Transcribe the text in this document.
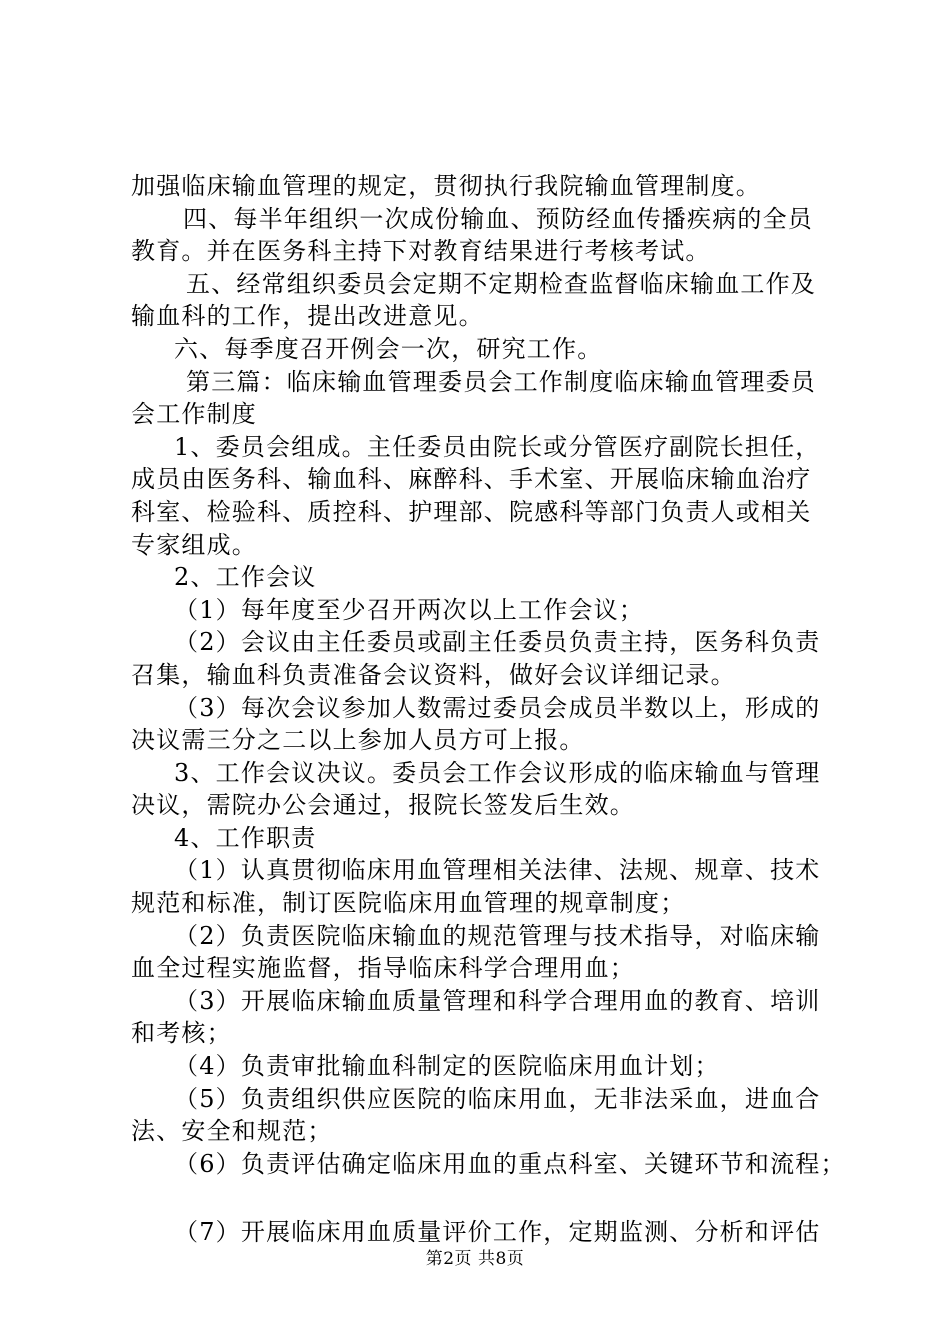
加强临床输血管理的规定，贯彻执行我院输血管理制度。

四、每半年组织一次成份输血、预防经血传播疾病的全员

教育。并在医务科主持下对教育结果进行考核考试。

五、经常组织委员会定期不定期检查监督临床输血工作及

输血科的工作，提出改进意见。

六、每季度召开例会一次，研究工作。

第三篇：临床输血管理委员会工作制度临床输血管理委员

会工作制度

1、委员会组成。主任委员由院长或分管医疗副院长担任，

成员由医务科、输血科、麻醉科、手术室、开展临床输血治疗

科室、检验科、质控科、护理部、院感科等部门负责人或相关

专家组成。

2、工作会议

（1）每年度至少召开两次以上工作会议；

（2）会议由主任委员或副主任委员负责主持，医务科负责

召集，输血科负责准备会议资料，做好会议详细记录。

（3）每次会议参加人数需过委员会成员半数以上，形成的

决议需三分之二以上参加人员方可上报。

3、工作会议决议。委员会工作会议形成的临床输血与管理

决议，需院办公会通过，报院长签发后生效。

4、工作职责

（1）认真贯彻临床用血管理相关法律、法规、规章、技术

规范和标准，制订医院临床用血管理的规章制度；

（2）负责医院临床输血的规范管理与技术指导，对临床输

血全过程实施监督，指导临床科学合理用血；

（3）开展临床输血质量管理和科学合理用血的教育、培训

和考核；

（4）负责审批输血科制定的医院临床用血计划；

（5）负责组织供应医院的临床用血，无非法采血，进血合

法、安全和规范；

（6）负责评估确定临床用血的重点科室、关键环节和流程；

（7）开展临床用血质量评价工作，定期监测、分析和评估

第2页 共8页
